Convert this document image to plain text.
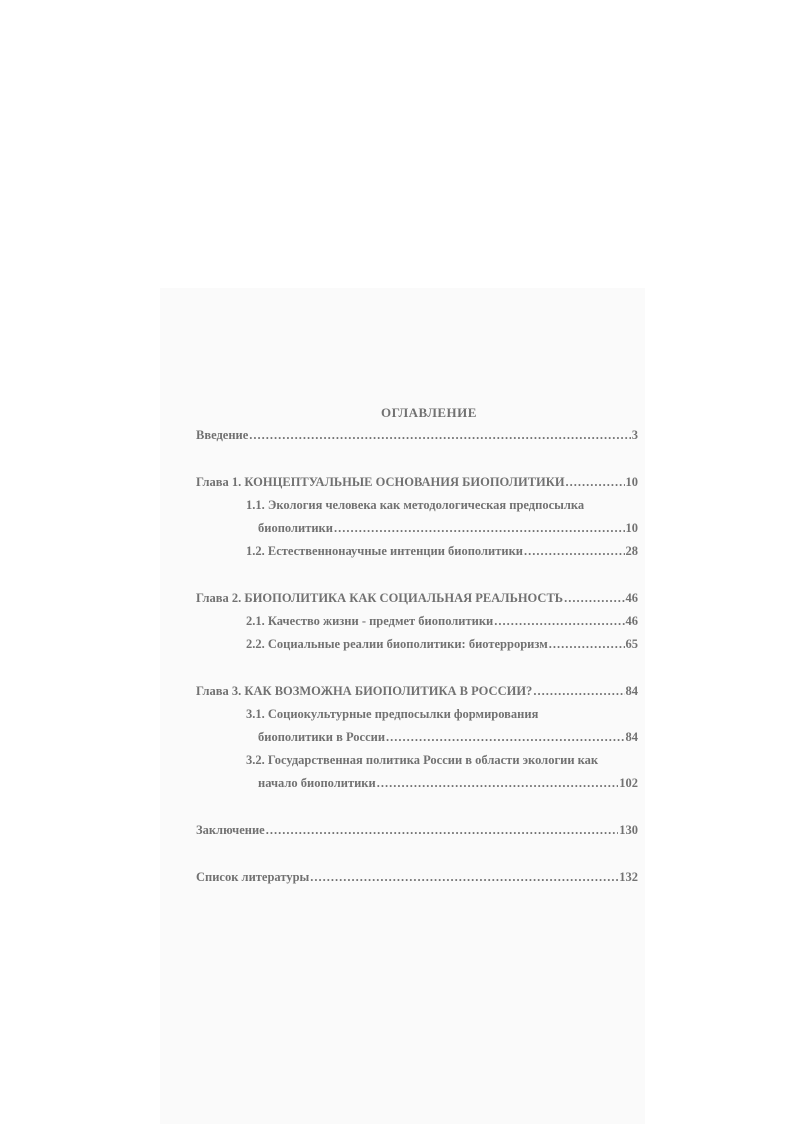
ОГЛАВЛЕНИЕ
Введение .....	3
Глава 1. КОНЦЕПТУАЛЬНЫЕ ОСНОВАНИЯ БИОПОЛИТИКИ .....	10
1.1. Экология человека как методологическая предпосылка
биополитики .....	10
1.2. Естественнонаучные интенции биополитики .....	28
Глава 2. БИОПОЛИТИКА КАК СОЦИАЛЬНАЯ РЕАЛЬНОСТЬ .....	46
2.1. Качество жизни - предмет биополитики .....	46
2.2. Социальные реалии биополитики: биотерроризм .....	65
Глава 3. КАК ВОЗМОЖНА БИОПОЛИТИКА В РОССИИ? .....	84
3.1. Социокультурные предпосылки формирования
биополитики в России .....	84
3.2. Государственная политика России в области экологии как
начало биополитики .....	102
Заключение .....	130
Список литературы .....	132
